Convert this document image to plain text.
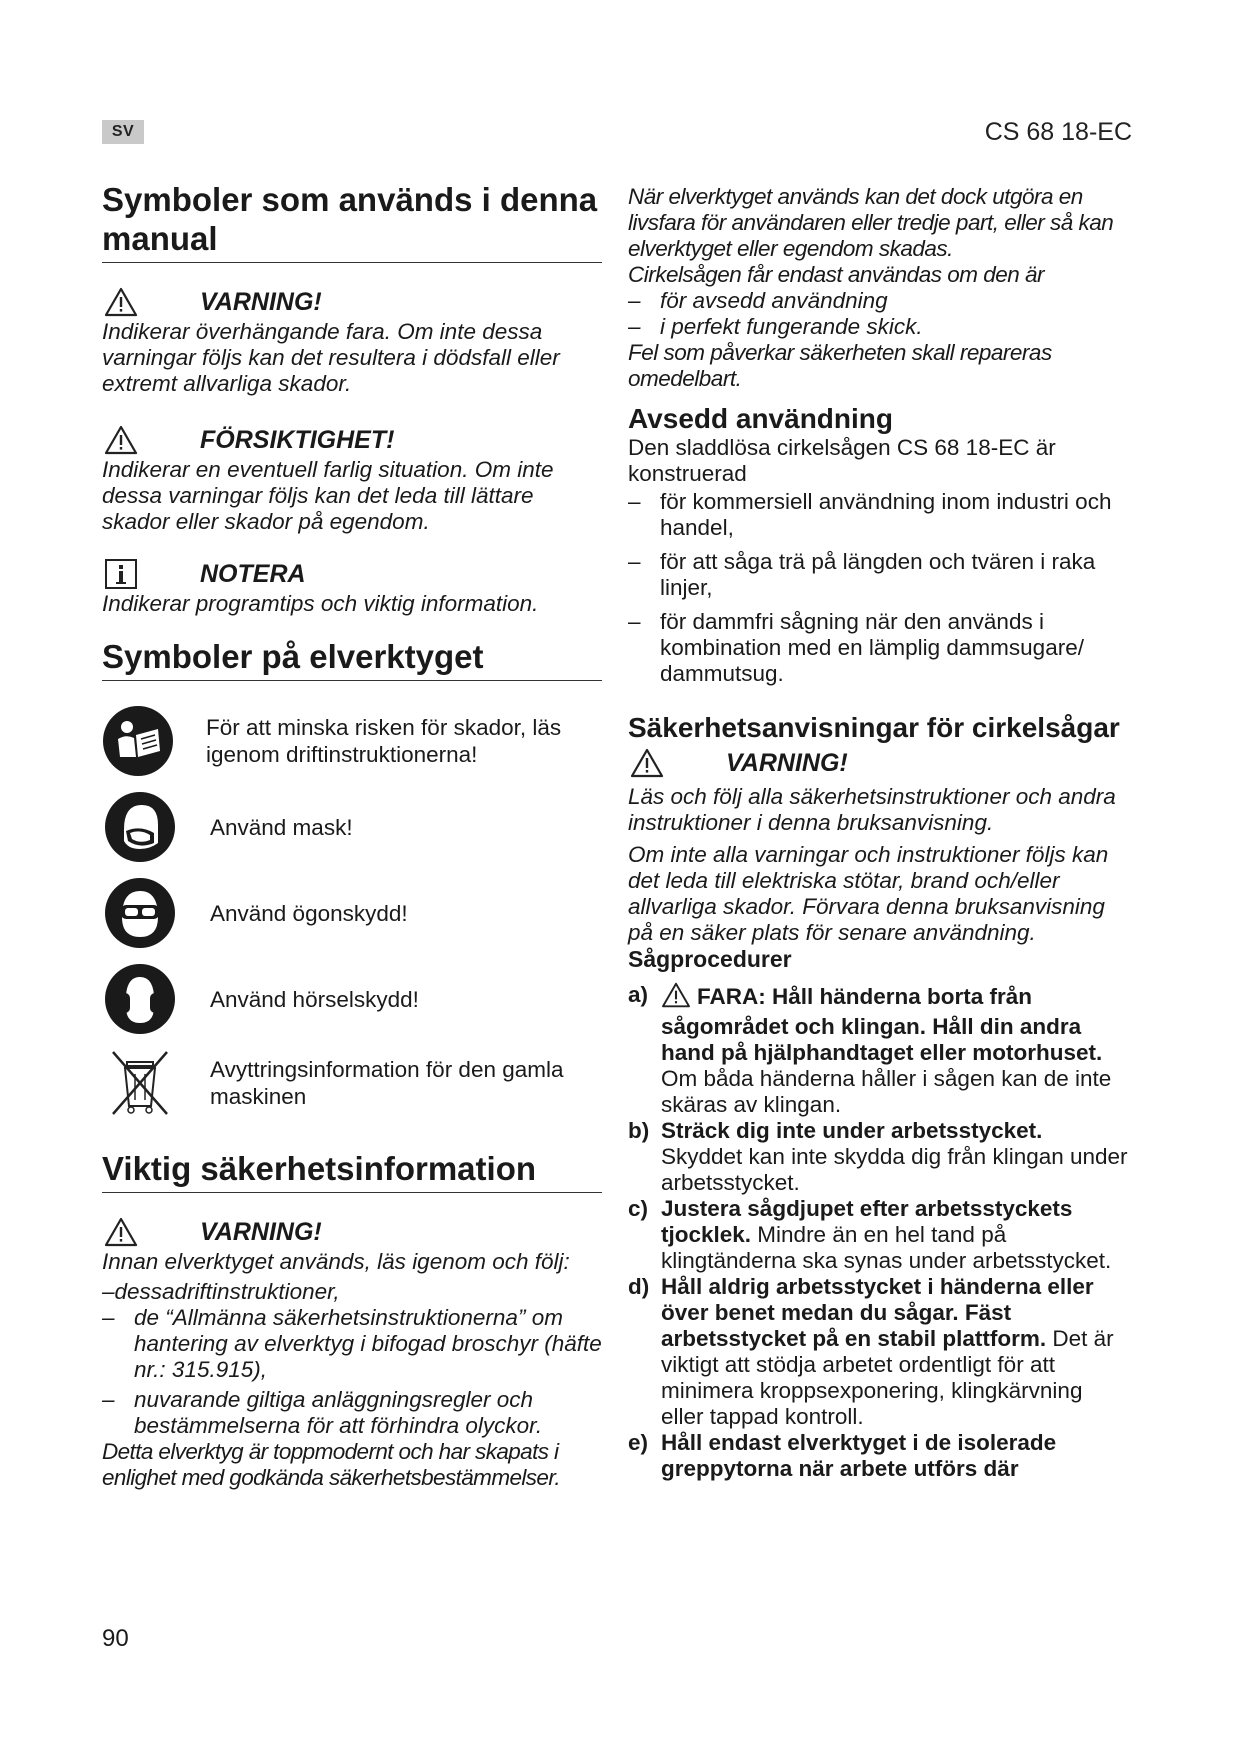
SV	CS 68 18-EC
Symboler som används i denna manual
VARNING!

Indikerar överhängande fara. Om inte dessa varningar följs kan det resultera i dödsfall eller extremt allvarliga skador.

FÖRSIKTIGHET!

Indikerar en eventuell farlig situation. Om inte dessa varningar följs kan det leda till lättare skador eller skador på egendom.

NOTERA

Indikerar programtips och viktig information.

Symboler på elverktyget
För att minska risken för skador, läs igenom driftinstruktionerna!
Använd mask!
Använd ögonskydd!
Använd hörselskydd!
Avyttringsinformation för den gamla maskinen
Viktig säkerhetsinformation
VARNING!

Innan elverktyget används, läs igenom och följ:

–dessadriftinstruktioner,

– de “Allmänna säkerhetsinstruktionerna” om hantering av elverktyg i bifogad broschyr (häfte nr.: 315.915),
– nuvarande giltiga anläggningsregler och bestämmelserna för att förhindra olyckor.

Detta elverktyg är toppmodernt och har skapats i enlighet med godkända säkerhetsbestämmelser.

När elverktyget används kan det dock utgöra en livsfara för användaren eller tredje part, eller så kan elverktyget eller egendom skadas.

Cirkelsågen får endast användas om den är

– för avsedd användning
– i perfekt fungerande skick.

Fel som påverkar säkerheten skall repareras omedelbart.

Avsedd användning

Den sladdlösa cirkelsågen CS 68 18-EC är konstruerad

– för kommersiell användning inom industri och handel,
– för att såga trä på längden och tvären i raka linjer,
– för dammfri sågning när den används i kombination med en lämplig dammsugare/ dammutsug.
Säkerhetsanvisningar för cirkelsågar
VARNING!

Läs och följ alla säkerhetsinstruktioner och andra instruktioner i denna bruksanvisning.

Om inte alla varningar och instruktioner följs kan det leda till elektriska stötar, brand och/eller allvarliga skador. Förvara denna bruksanvisning på en säker plats för senare användning.

Sågprocedurer

a) FARA: Håll händerna borta från sågområdet och klingan. Håll din andra hand på hjälphandtaget eller motorhuset. Om båda händerna håller i sågen kan de inte skäras av klingan.
b) Sträck dig inte under arbetsstycket. Skyddet kan inte skydda dig från klingan under arbetsstycket.
c) Justera sågdjupet efter arbetsstyckets tjocklek. Mindre än en hel tand på klingtänderna ska synas under arbetsstycket.
d) Håll aldrig arbetsstycket i händerna eller över benet medan du sågar. Fäst arbetsstycket på en stabil plattform. Det är viktigt att stödja arbetet ordentligt för att minimera kroppsexponering, klingkärvning eller tappad kontroll.
e) Håll endast elverktyget i de isolerade greppytorna när arbete utförs där
90
